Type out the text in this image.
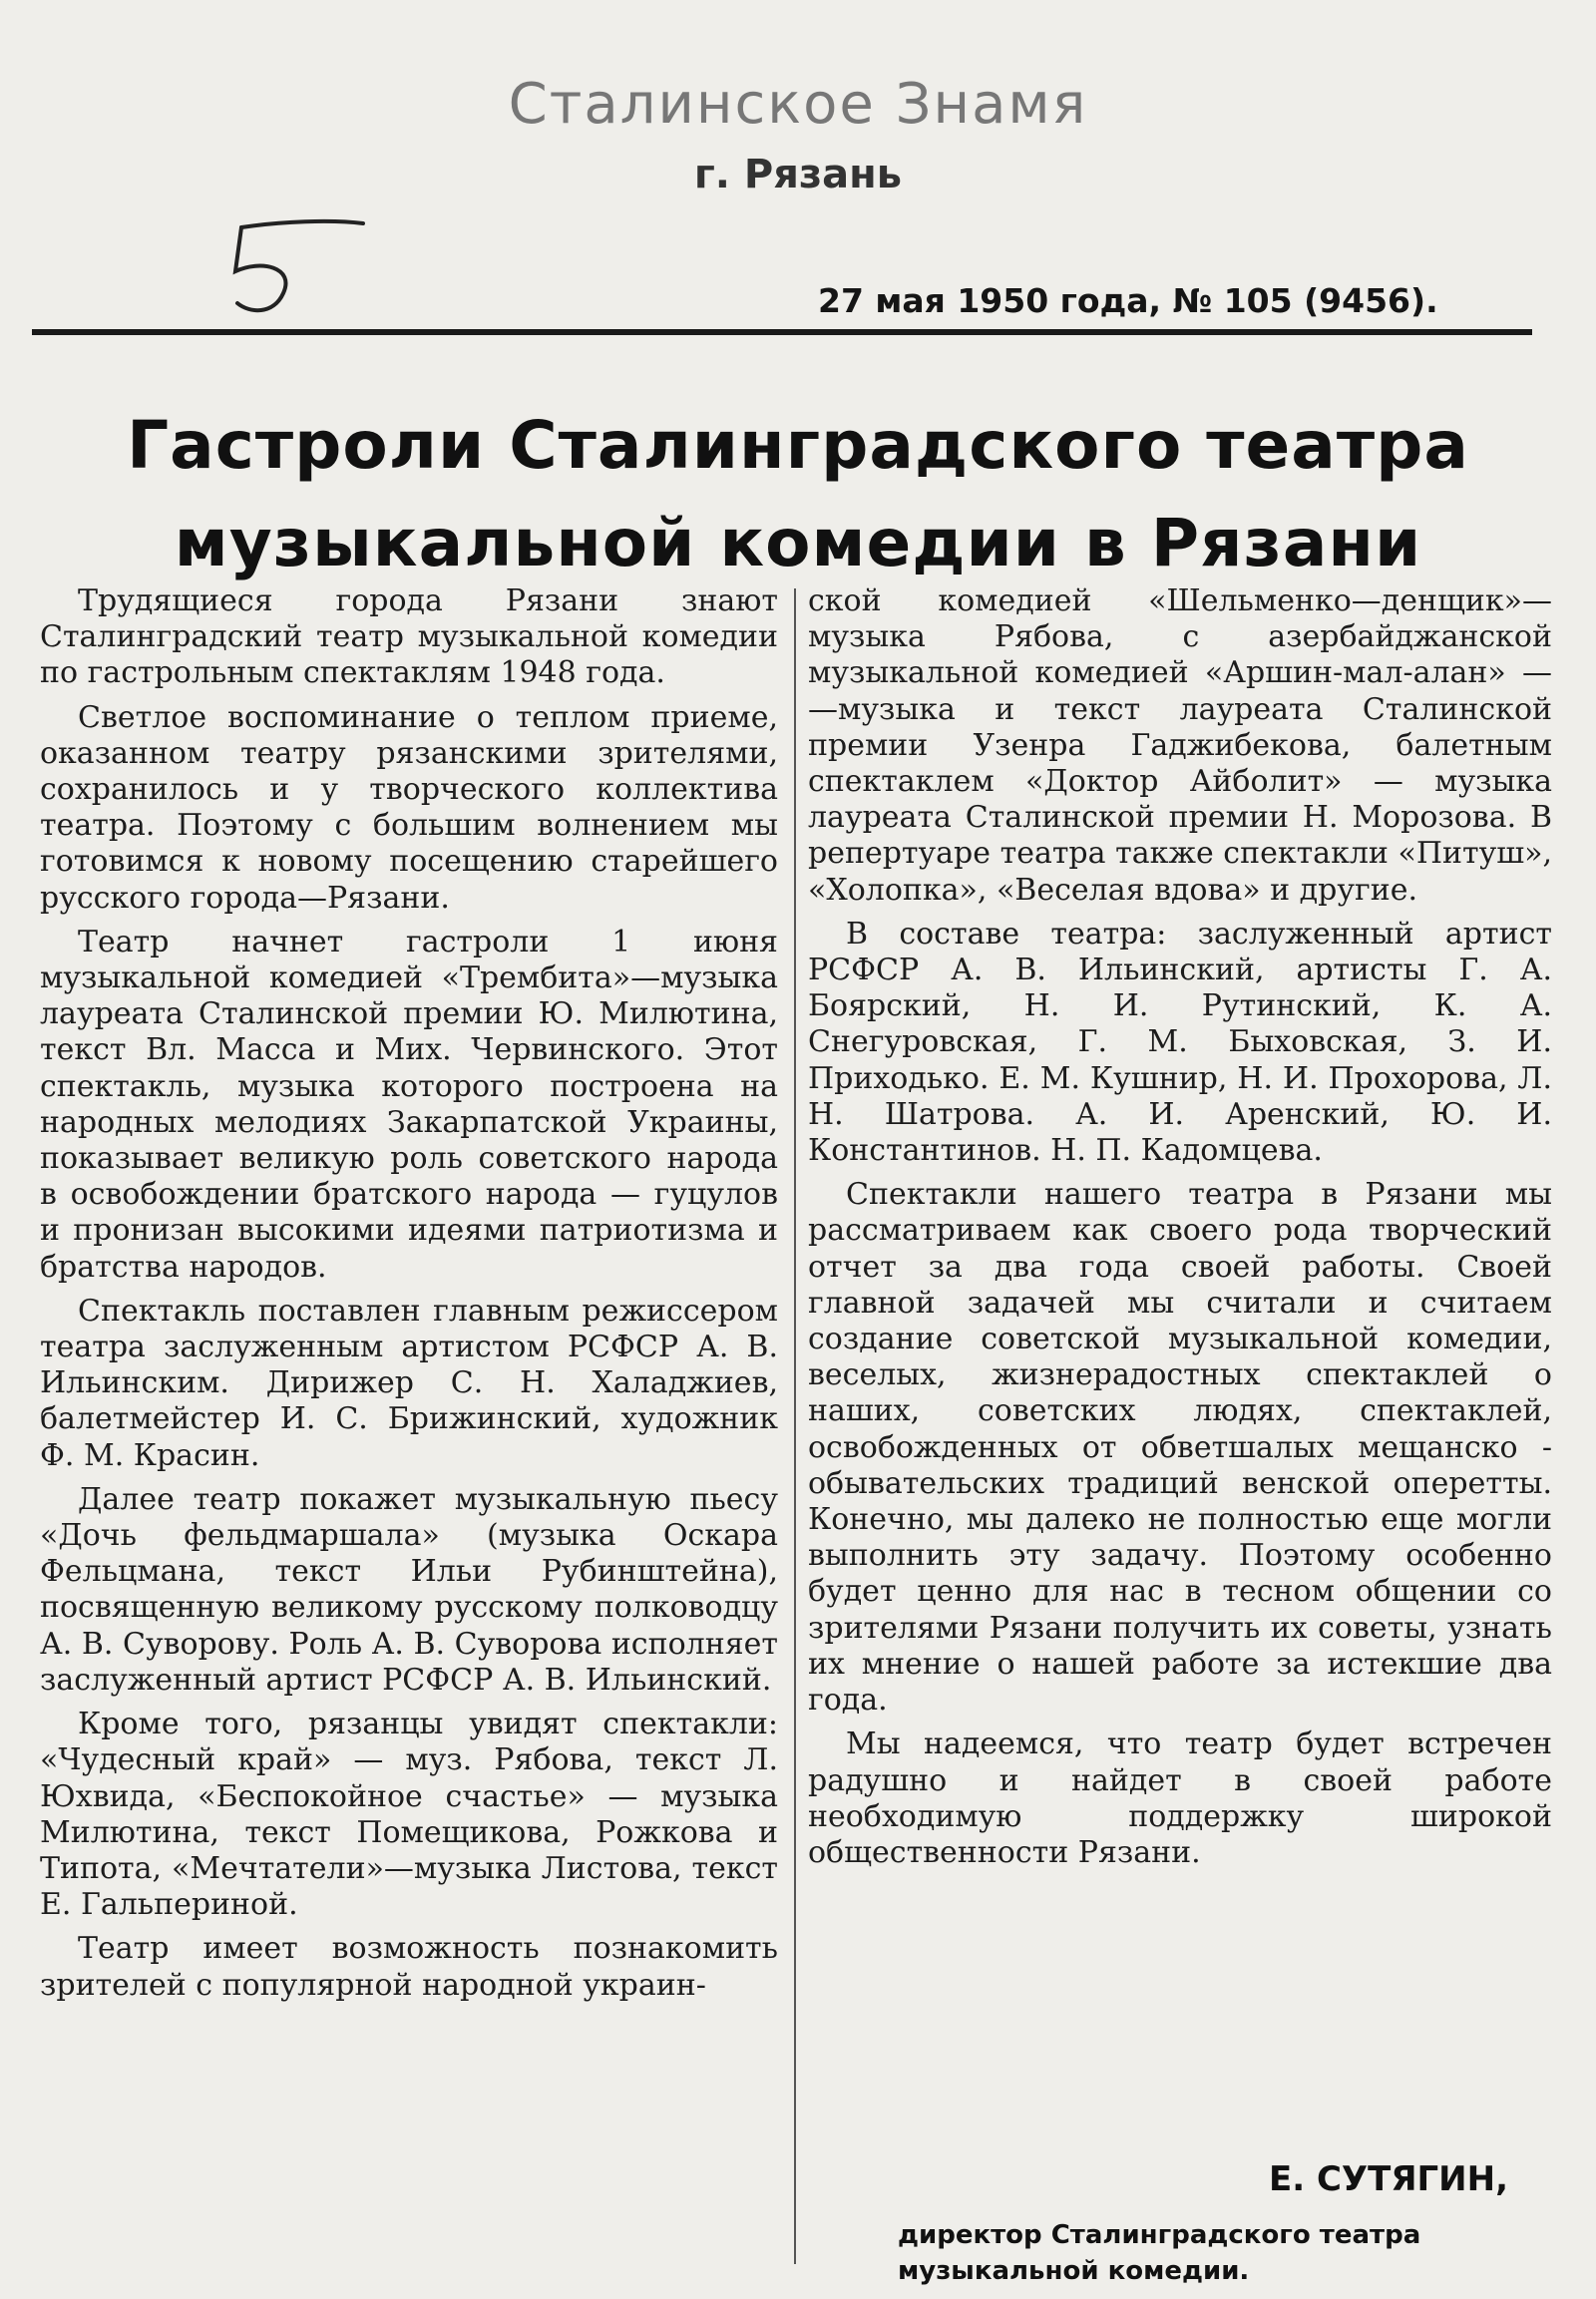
Сталинское Знамя
г. Рязань
27 мая 1950 года, № 105 (9456).
Гастроли Сталинградского театра
музыкальной комедии в Рязани

Трудящиеся города Рязани знают Сталинградский театр музыкальной комедии по гастрольным спектаклям 1948 года.

Светлое воспоминание о теплом приеме, оказанном театру рязанскими зрителями, сохранилось и у творческого коллектива театра. Поэтому с большим волнением мы готовимся к новому посещению старейшего русского города—Рязани.

Театр начнет гастроли 1 июня музыкальной комедией «Трембита»—музыка лауреата Сталинской премии Ю. Милютина, текст Вл. Масса и Мих. Червинского. Этот спектакль, музыка которого построена на народных мелодиях Закарпатской Украины, показывает великую роль советского народа в освобождении братского народа — гуцулов и пронизан высокими идеями патриотизма и братства народов.

Спектакль поставлен главным режиссером театра заслуженным артистом РСФСР А. В. Ильинским. Дирижер С. Н. Халаджиев, балетмейстер И. С. Брижинский, художник Ф. М. Красин.

Далее театр покажет музыкальную пьесу «Дочь фельдмаршала» (музыка Оскара Фельцмана, текст Ильи Рубинштейна), посвященную великому русскому полководцу А. В. Суворову. Роль А. В. Суворова исполняет заслуженный артист РСФСР А. В. Ильинский.

Кроме того, рязанцы увидят спектакли: «Чудесный край» — муз. Рябова, текст Л. Юхвида, «Беспокойное счастье» — музыка Милютина, текст Помещикова, Рожкова и Типота, «Мечтатели»—музыка Листова, текст Е. Гальпериной.

Театр имеет возможность познакомить зрителей с популярной народной украин-

ской комедией «Шельменко—денщик»—музыка Рябова, с азербайджанской музыкальной комедией «Аршин-мал-алан» — —музыка и текст лауреата Сталинской премии Узенра Гаджибекова, балетным спектаклем «Доктор Айболит» — музыка лауреата Сталинской премии Н. Морозова. В репертуаре театра также спектакли «Питуш», «Холопка», «Веселая вдова» и другие.

В составе театра: заслуженный артист РСФСР А. В. Ильинский, артисты Г. А. Боярский, Н. И. Рутинский, К. А. Снегуровская, Г. М. Быховская, З. И. Приходько. Е. М. Кушнир, Н. И. Прохорова, Л. Н. Шатрова. А. И. Аренский, Ю. И. Константинов. Н. П. Кадомцева.

Спектакли нашего театра в Рязани мы рассматриваем как своего рода творческий отчет за два года своей работы. Своей главной задачей мы считали и считаем создание советской музыкальной комедии, веселых, жизнерадостных спектаклей о наших, советских людях, спектаклей, освобожденных от обветшалых мещанско - обывательских традиций венской оперетты. Конечно, мы далеко не полностью еще могли выполнить эту задачу. Поэтому особенно будет ценно для нас в тесном общении со зрителями Рязани получить их советы, узнать их мнение о нашей работе за истекшие два года.

Мы надеемся, что театр будет встречен радушно и найдет в своей работе необходимую поддержку широкой общественности Рязани.

Е. СУТЯГИН,
директор Сталинградского театра музыкальной комедии.
